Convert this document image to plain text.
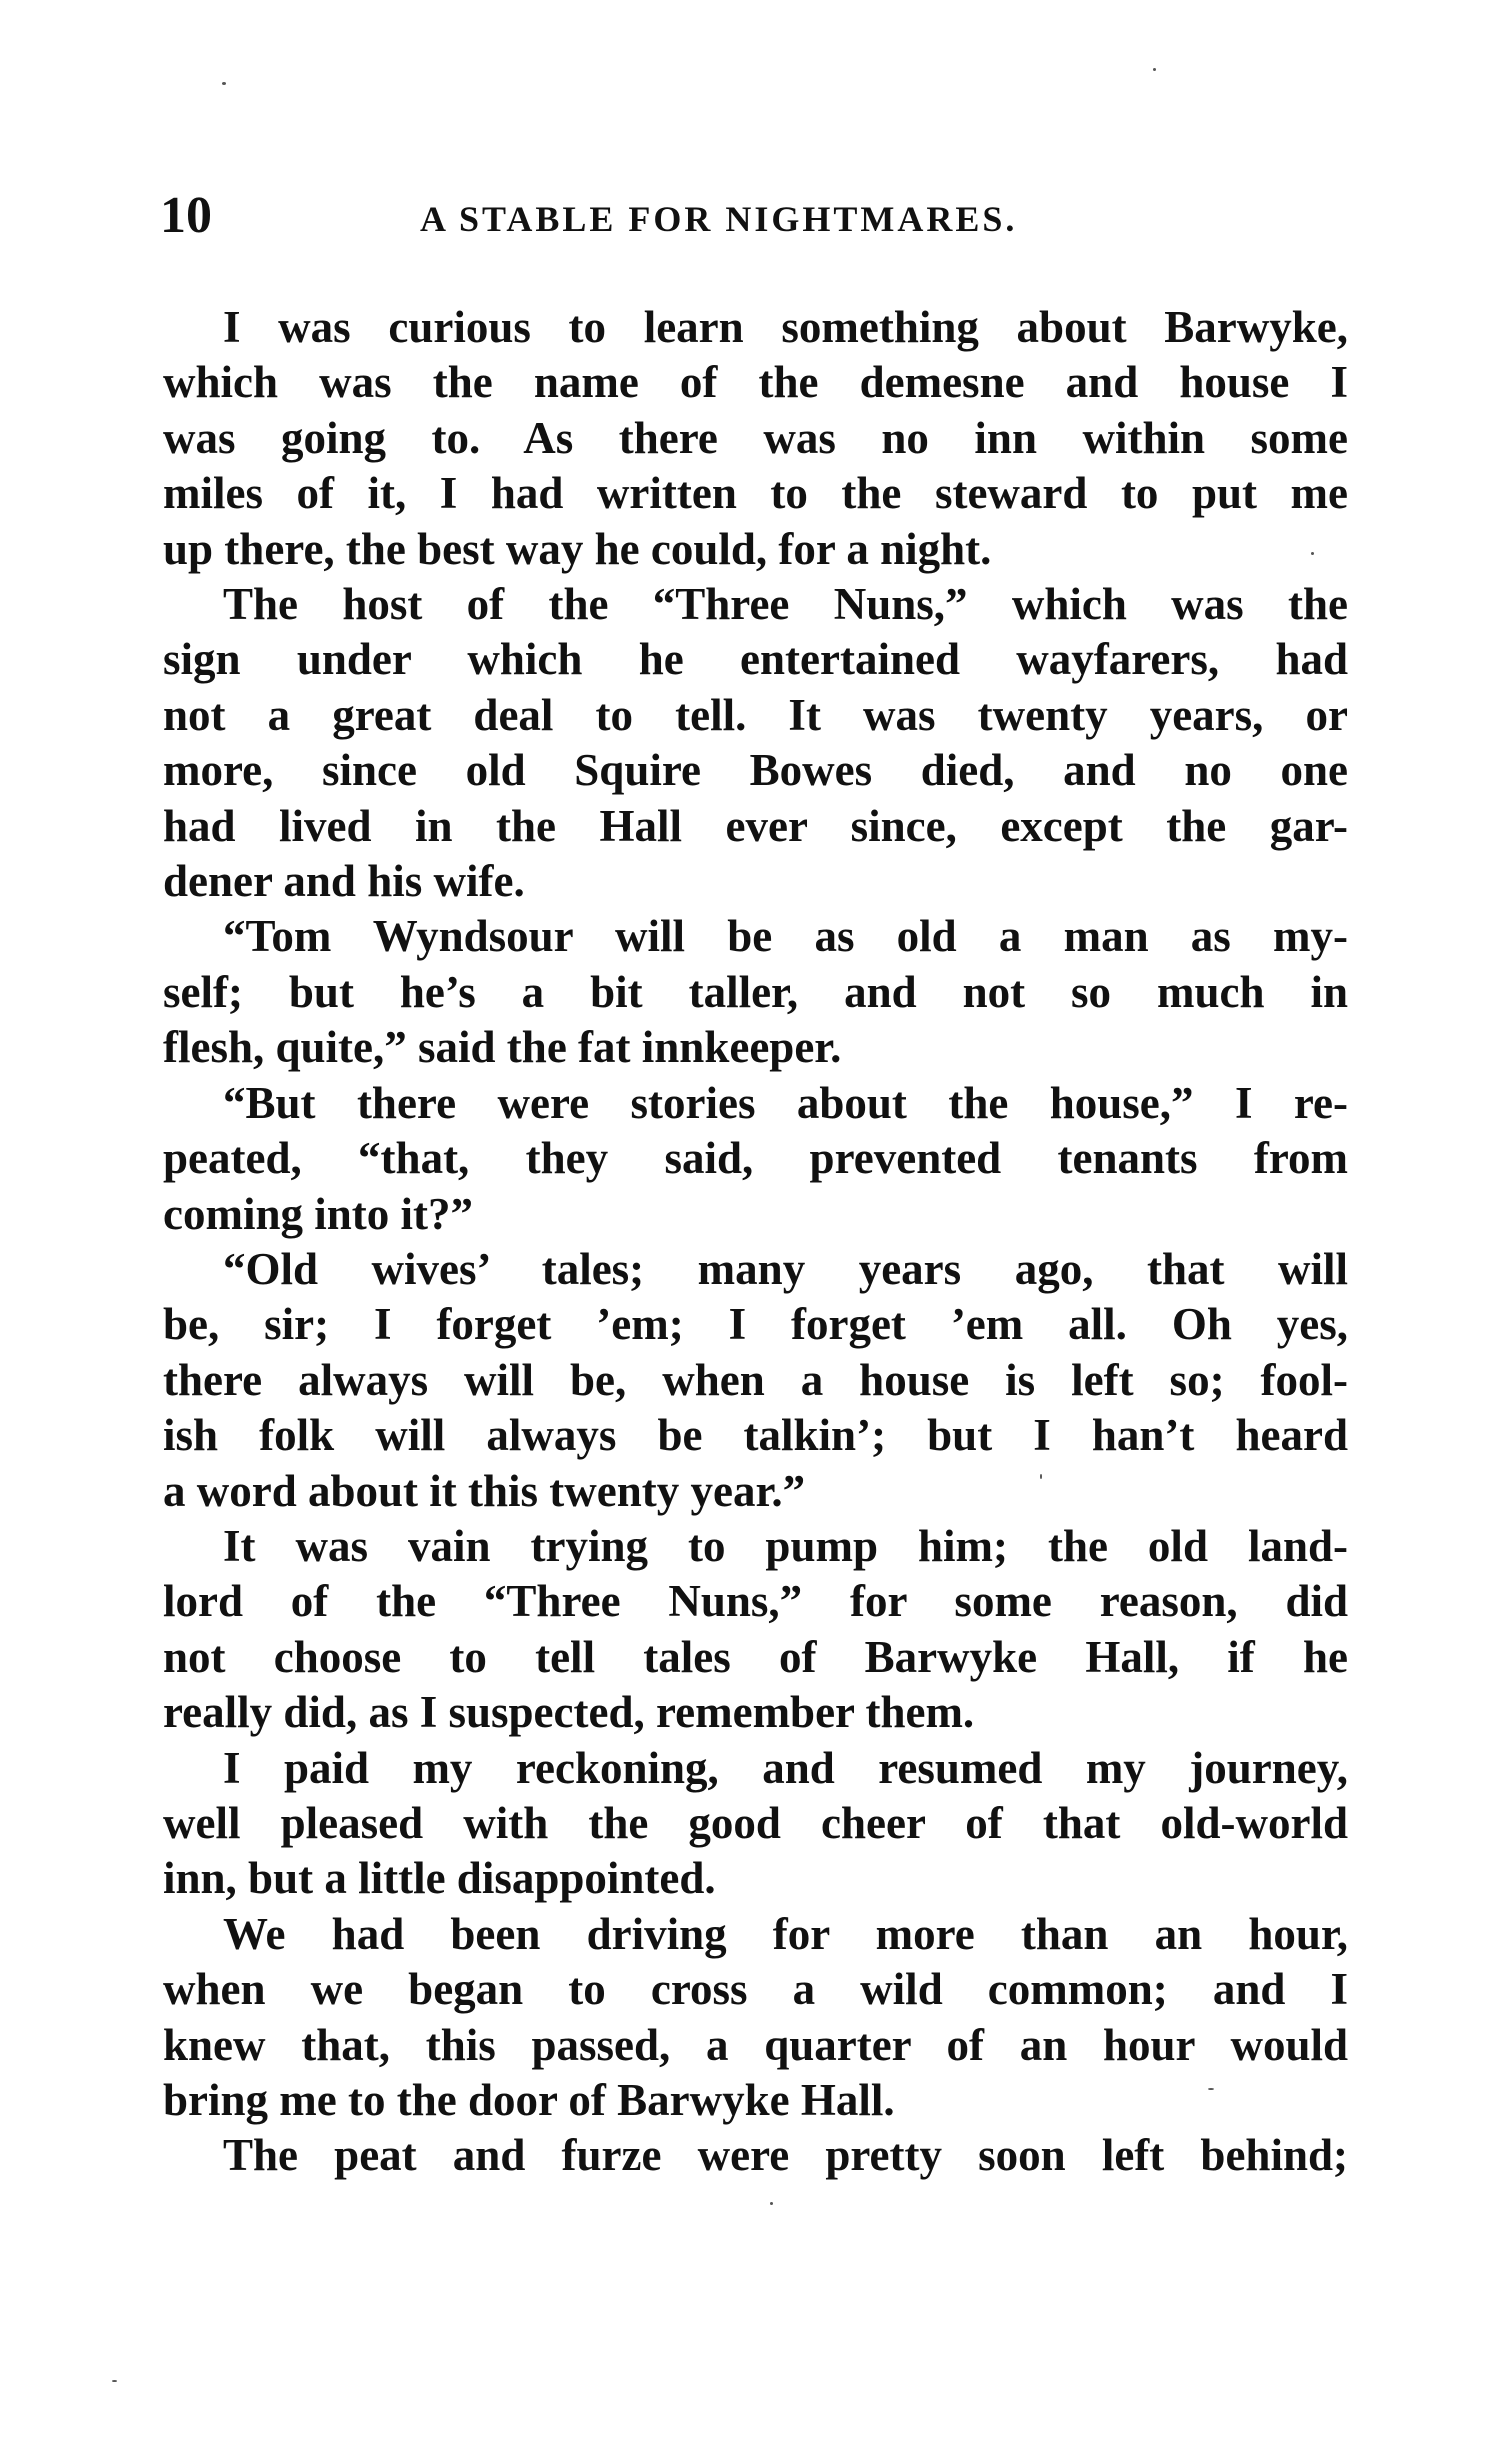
10	A STABLE FOR NIGHTMARES.

I was curious to learn something about Barwyke,
which was the name of the demesne and house I
was going to. As there was no inn within some
miles of it, I had written to the steward to put me
up there, the best way he could, for a night.

The host of the “Three Nuns,” which was the
sign under which he entertained wayfarers, had
not a great deal to tell. It was twenty years, or
more, since old Squire Bowes died, and no one
had lived in the Hall ever since, except the gar-
dener and his wife.

“Tom Wyndsour will be as old a man as my-
self; but he’s a bit taller, and not so much in
flesh, quite,” said the fat innkeeper.

“But there were stories about the house,” I re-
peated, “that, they said, prevented tenants from
coming into it?”

“Old wives’ tales; many years ago, that will
be, sir; I forget ’em; I forget ’em all. Oh yes,
there always will be, when a house is left so; fool-
ish folk will always be talkin’; but I han’t heard
a word about it this twenty year.”

It was vain trying to pump him; the old land-
lord of the “Three Nuns,” for some reason, did
not choose to tell tales of Barwyke Hall, if he
really did, as I suspected, remember them.

I paid my reckoning, and resumed my journey,
well pleased with the good cheer of that old-world
inn, but a little disappointed.

We had been driving for more than an hour,
when we began to cross a wild common; and I
knew that, this passed, a quarter of an hour would
bring me to the door of Barwyke Hall.

The peat and furze were pretty soon left behind;
